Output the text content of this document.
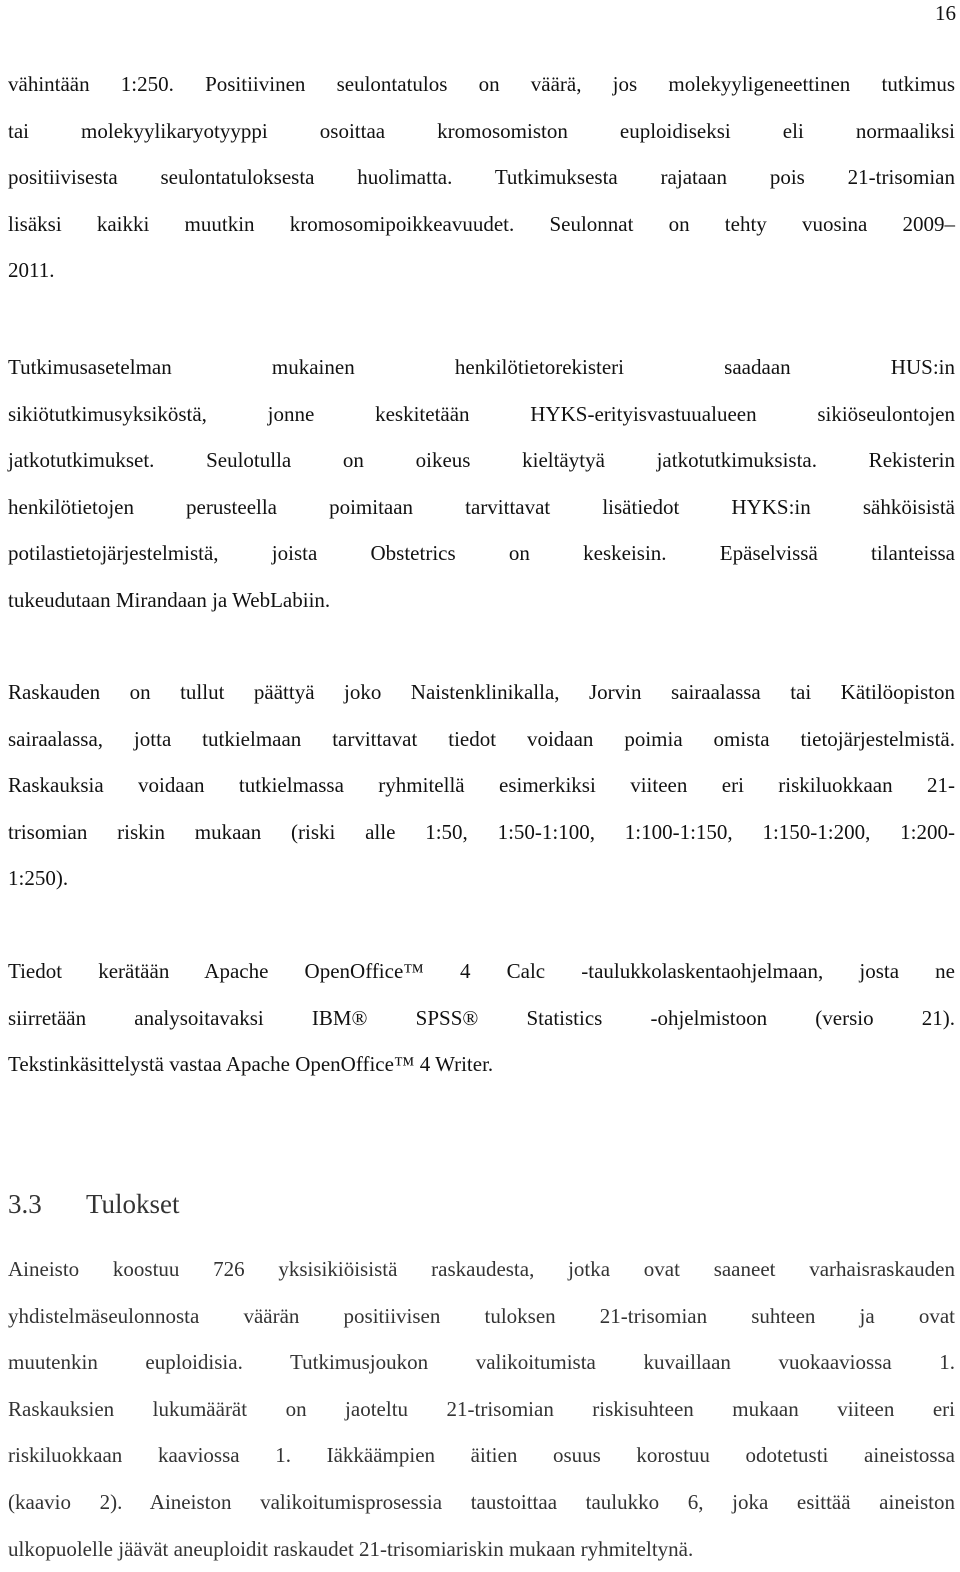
16

vähintään 1:250. Positiivinen seulontatulos on väärä, jos molekyyligeneettinen tutkimus
tai molekyylikaryotyyppi osoittaa kromosomiston euploidiseksi eli normaaliksi
positiivisesta seulontatuloksesta huolimatta. Tutkimuksesta rajataan pois 21-trisomian
lisäksi kaikki muutkin kromosomipoikkeavuudet. Seulonnat on tehty vuosina 2009–
2011.

Tutkimusasetelman mukainen henkilötietorekisteri saadaan HUS:in
sikiötutkimusyksiköstä, jonne keskitetään HYKS-erityisvastuualueen sikiöseulontojen
jatkotutkimukset. Seulotulla on oikeus kieltäytyä jatkotutkimuksista. Rekisterin
henkilötietojen perusteella poimitaan tarvittavat lisätiedot HYKS:in sähköisistä
potilastietojärjestelmistä, joista Obstetrics on keskeisin. Epäselvissä tilanteissa
tukeudutaan Mirandaan ja WebLabiin.

Raskauden on tullut päättyä joko Naistenklinikalla, Jorvin sairaalassa tai Kätilöopiston
sairaalassa, jotta tutkielmaan tarvittavat tiedot voidaan poimia omista tietojärjestelmistä.
Raskauksia voidaan tutkielmassa ryhmitellä esimerkiksi viiteen eri riskiluokkaan 21-
trisomian riskin mukaan (riski alle 1:50, 1:50-1:100, 1:100-1:150, 1:150-1:200, 1:200-
1:250).

Tiedot kerätään Apache OpenOffice™ 4 Calc -taulukkolaskentaohjelmaan, josta ne
siirretään analysoitavaksi IBM® SPSS® Statistics -ohjelmistoon (versio 21).
Tekstinkäsittelystä vastaa Apache OpenOffice™ 4 Writer.

3.3 Tulokset

Aineisto koostuu 726 yksisikiöisistä raskaudesta, jotka ovat saaneet varhaisraskauden
yhdistelmäseulonnosta väärän positiivisen tuloksen 21-trisomian suhteen ja ovat
muutenkin euploidisia. Tutkimusjoukon valikoitumista kuvaillaan vuokaaviossa 1.
Raskauksien lukumäärät on jaoteltu 21-trisomian riskisuhteen mukaan viiteen eri
riskiluokkaan kaaviossa 1. Iäkkäämpien äitien osuus korostuu odotetusti aineistossa
(kaavio 2). Aineiston valikoitumisprosessia taustoittaa taulukko 6, joka esittää aineiston
ulkopuolelle jäävät aneuploidit raskaudet 21-trisomiariskin mukaan ryhmiteltynä.
